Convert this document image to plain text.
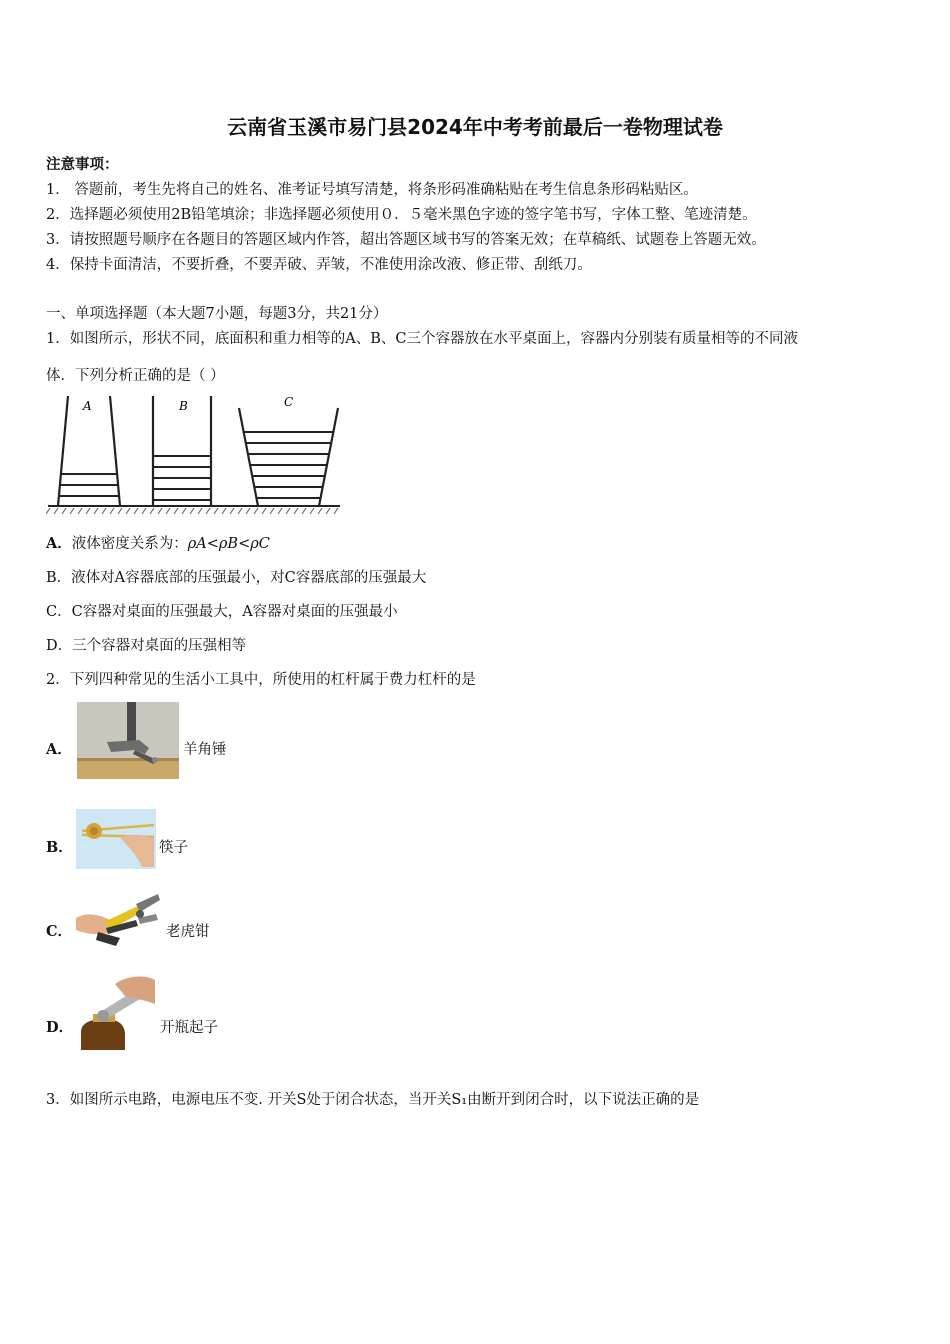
云南省玉溪市易门县2024年中考考前最后一卷物理试卷
注意事项：
1． 答题前，考生先将自己的姓名、准考证号填写清楚，将条形码准确粘贴在考生信息条形码粘贴区。
2．选择题必须使用2B铅笔填涂；非选择题必须使用０．５毫米黑色字迹的签字笔书写，字体工整、笔迹清楚。
3．请按照题号顺序在各题目的答题区域内作答，超出答题区域书写的答案无效；在草稿纸、试题卷上答题无效。
4．保持卡面清洁，不要折叠，不要弄破、弄皱，不准使用涂改液、修正带、刮纸刀。
一、单项选择题（本大题7小题，每题3分，共21分）
1．如图所示，形状不同，底面积和重力相等的A、B、C三个容器放在水平桌面上，容器内分别装有质量相等的不同液
体．下列分析正确的是（ ）
A	B	C
A．液体密度关系为：ρA<ρB<ρC
B．液体对A容器底部的压强最小，对C容器底部的压强最大
C．C容器对桌面的压强最大，A容器对桌面的压强最小
D．三个容器对桌面的压强相等
2．下列四种常见的生活小工具中，所使用的杠杆属于费力杠杆的是
A．	羊角锤
B．	筷子
C．	老虎钳
D．	开瓶起子
3．如图所示电路，电源电压不变. 开关S处于闭合状态，当开关S₁由断开到闭合时，以下说法正确的是
